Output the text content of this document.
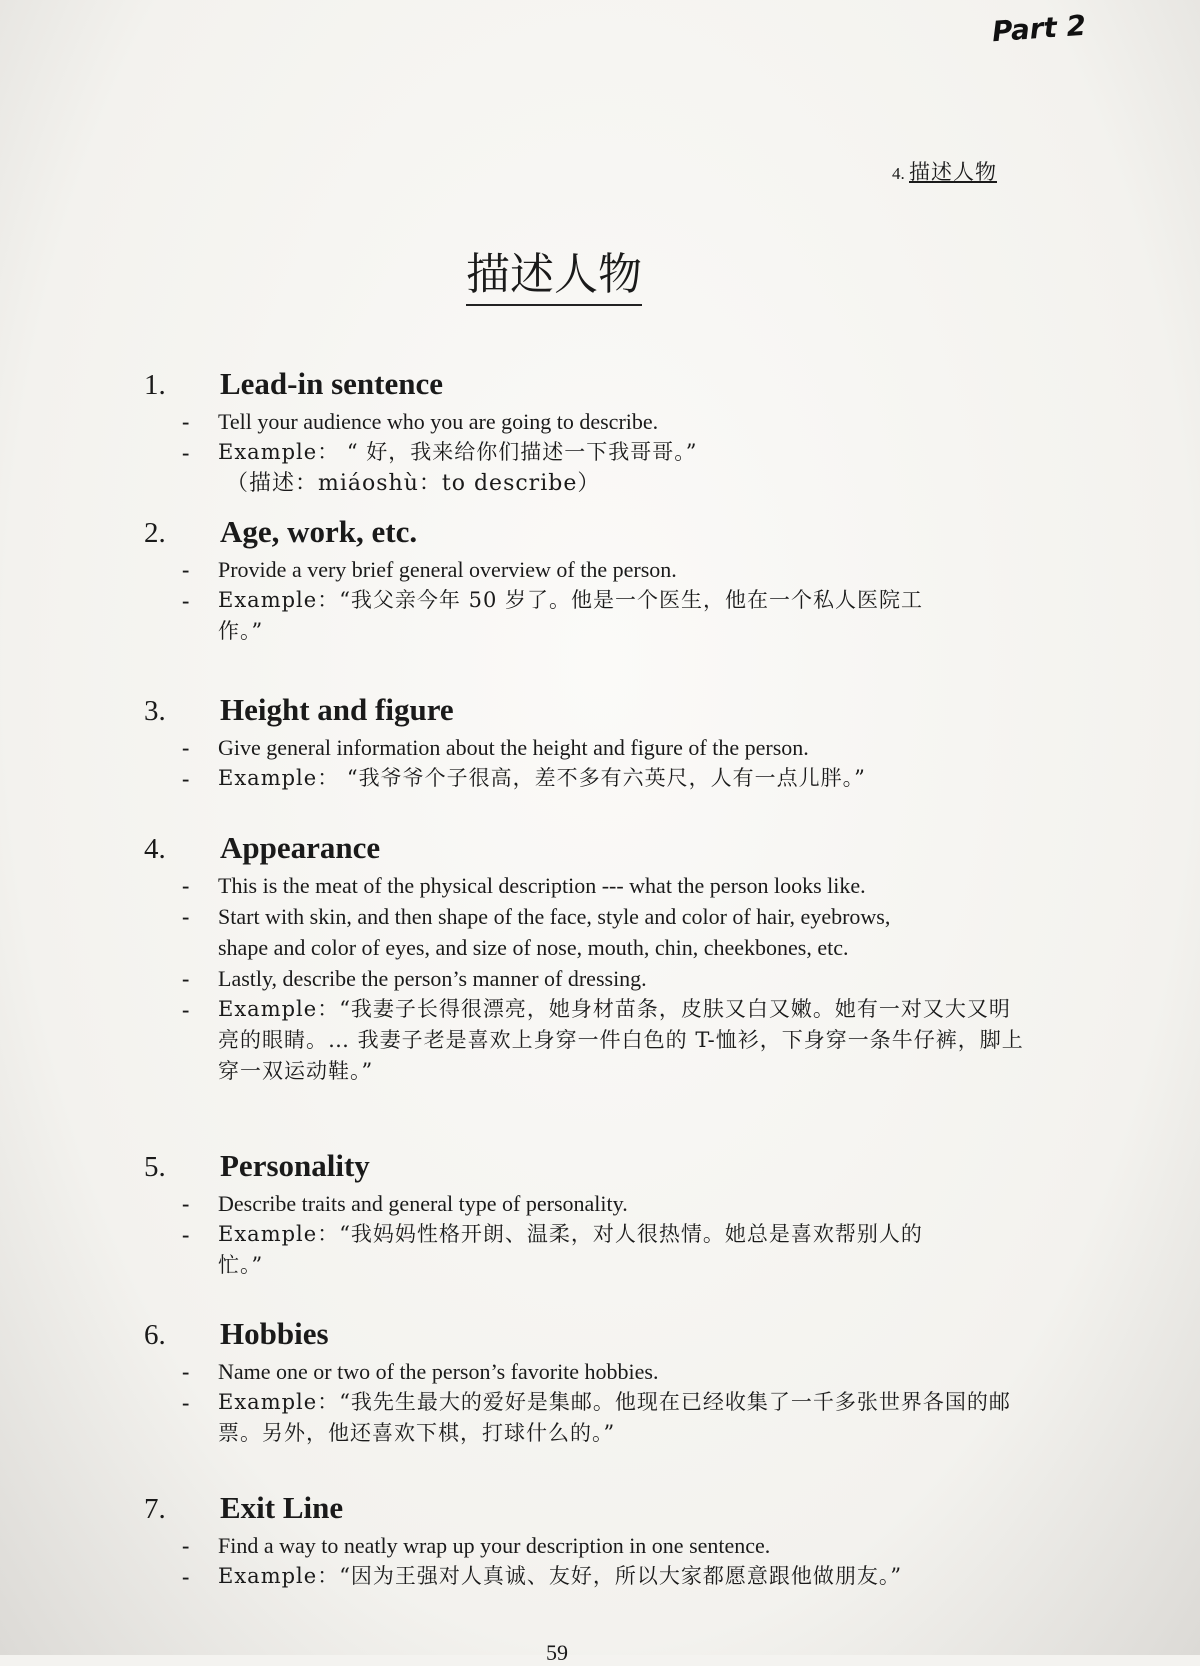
Part 2
4. 描述人物
描述人物
1.	Lead-in sentence
-	Tell your audience who you are going to describe.
-	Example： “ 好，我来给你们描述一下我哥哥。”
（描述：miáoshù：to describe）
2.	Age, work, etc.
-	Provide a very brief general overview of the person.
-	Example：“我父亲今年 50 岁了。他是一个医生，他在一个私人医院工作。”
3.	Height and figure
-	Give general information about the height and figure of the person.
-	Example： “我爷爷个子很高，差不多有六英尺，人有一点儿胖。”
4.	Appearance
-	This is the meat of the physical description --- what the person looks like.
-	Start with skin, and then shape of the face, style and color of hair, eyebrows, shape and color of eyes, and size of nose, mouth, chin, cheekbones, etc.
-	Lastly, describe the person’s manner of dressing.
-	Example：“我妻子长得很漂亮，她身材苗条，皮肤又白又嫩。她有一对又大又明亮的眼睛。… 我妻子老是喜欢上身穿一件白色的 T-恤衫，下身穿一条牛仔裤，脚上穿一双运动鞋。”
5.	Personality
-	Describe traits and general type of personality.
-	Example：“我妈妈性格开朗、温柔，对人很热情。她总是喜欢帮别人的忙。”
6.	Hobbies
-	Name one or two of the person’s favorite hobbies.
-	Example：“我先生最大的爱好是集邮。他现在已经收集了一千多张世界各国的邮票。另外，他还喜欢下棋，打球什么的。”
7.	Exit Line
-	Find a way to neatly wrap up your description in one sentence.
-	Example：“因为王强对人真诚、友好，所以大家都愿意跟他做朋友。”
59
